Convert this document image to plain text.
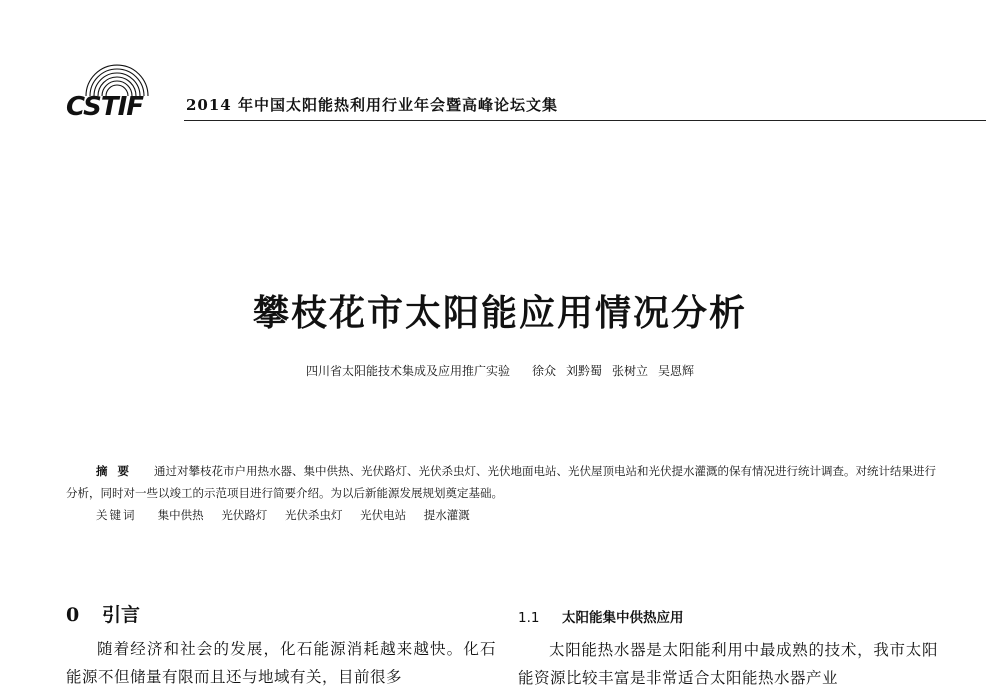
CSTIF	2014 年中国太阳能热利用行业年会暨高峰论坛文集
攀枝花市太阳能应用情况分析
四川省太阳能技术集成及应用推广实验 徐众 刘黔蜀 张树立 吴恩辉
摘要 通过对攀枝花市户用热水器、集中供热、光伏路灯、光伏杀虫灯、光伏地面电站、光伏屋顶电站和光伏提水灌溉的保有情况进行统计调查。对统计结果进行分析，同时对一些以竣工的示范项目进行简要介绍。为以后新能源发展规划奠定基础。
关键词 集中供热 光伏路灯 光伏杀虫灯 光伏电站 提水灌溉
0 引言

随着经济和社会的发展，化石能源消耗越来越快。化石能源不但储量有限而且还与地域有关，目前很多

1.1 太阳能集中供热应用

太阳能热水器是太阳能利用中最成熟的技术，我市太阳能资源比较丰富是非常适合太阳能热水器产业
